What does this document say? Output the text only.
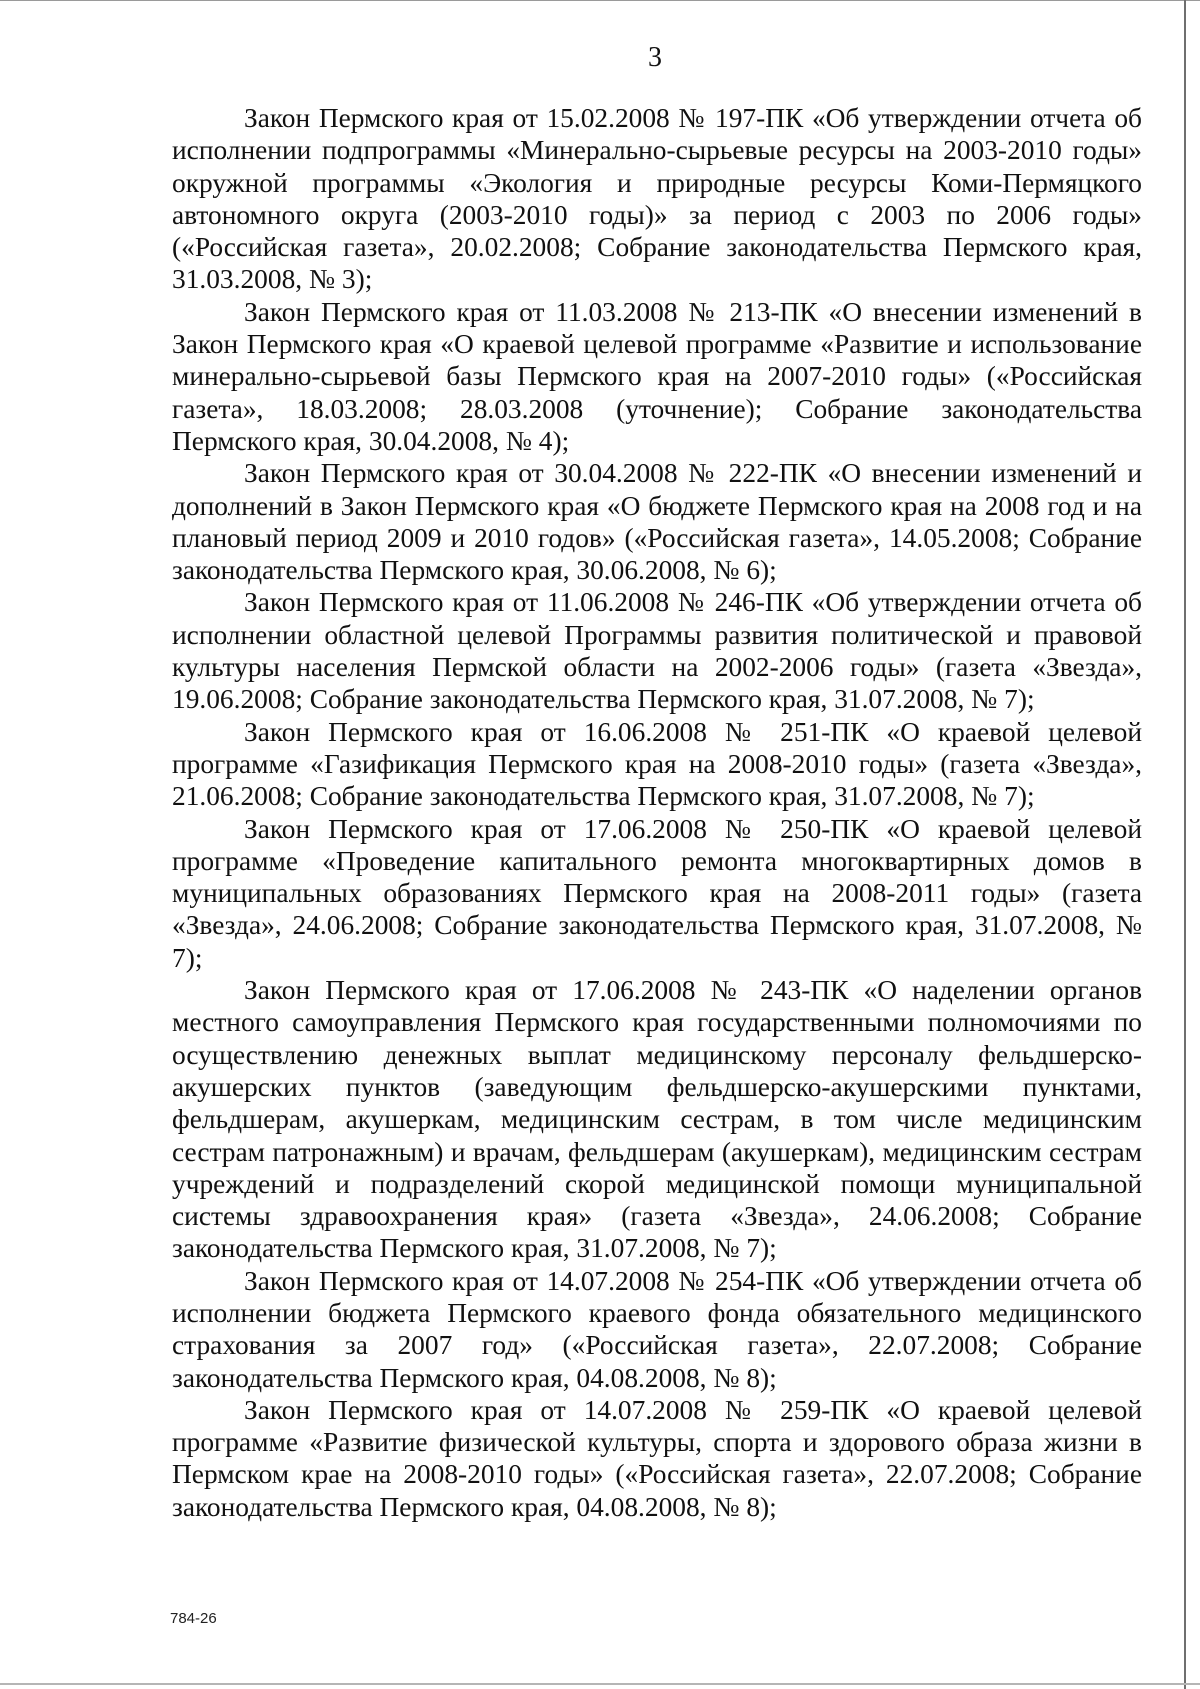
3

Закон Пермского края от 15.02.2008 № 197-ПК «Об утверждении отчета об исполнении подпрограммы «Минерально-сырьевые ресурсы на 2003-2010 годы» окружной программы «Экология и природные ресурсы Коми-Пермяцкого автономного округа (2003-2010 годы)» за период с 2003 по 2006 годы» («Российская газета», 20.02.2008; Собрание законодательства Пермского края, 31.03.2008, № 3);

Закон Пермского края от 11.03.2008 № 213-ПК «О внесении изменений в Закон Пермского края «О краевой целевой программе «Развитие и использование минерально-сырьевой базы Пермского края на 2007-2010 годы» («Российская газета», 18.03.2008; 28.03.2008 (уточнение); Собрание законодательства Пермского края, 30.04.2008, № 4);

Закон Пермского края от 30.04.2008 № 222-ПК «О внесении изменений и дополнений в Закон Пермского края «О бюджете Пермского края на 2008 год и на плановый период 2009 и 2010 годов» («Российская газета», 14.05.2008; Собрание законодательства Пермского края, 30.06.2008, № 6);

Закон Пермского края от 11.06.2008 № 246-ПК «Об утверждении отчета об исполнении областной целевой Программы развития политической и правовой культуры населения Пермской области на 2002-2006 годы» (газета «Звезда», 19.06.2008; Собрание законодательства Пермского края, 31.07.2008, № 7);

Закон Пермского края от 16.06.2008 № 251-ПК «О краевой целевой программе «Газификация Пермского края на 2008-2010 годы» (газета «Звезда», 21.06.2008; Собрание законодательства Пермского края, 31.07.2008, № 7);

Закон Пермского края от 17.06.2008 № 250-ПК «О краевой целевой программе «Проведение капитального ремонта многоквартирных домов в муниципальных образованиях Пермского края на 2008-2011 годы» (газета «Звезда», 24.06.2008; Собрание законодательства Пермского края, 31.07.2008, № 7);

Закон Пермского края от 17.06.2008 № 243-ПК «О наделении органов местного самоуправления Пермского края государственными полномочиями по осуществлению денежных выплат медицинскому персоналу фельдшерско-акушерских пунктов (заведующим фельдшерско-акушерскими пунктами, фельдшерам, акушеркам, медицинским сестрам, в том числе медицинским сестрам патронажным) и врачам, фельдшерам (акушеркам), медицинским сестрам учреждений и подразделений скорой медицинской помощи муниципальной системы здравоохранения края» (газета «Звезда», 24.06.2008; Собрание законодательства Пермского края, 31.07.2008, № 7);

Закон Пермского края от 14.07.2008 № 254-ПК «Об утверждении отчета об исполнении бюджета Пермского краевого фонда обязательного медицинского страхования за 2007 год» («Российская газета», 22.07.2008; Собрание законодательства Пермского края, 04.08.2008, № 8);

Закон Пермского края от 14.07.2008 № 259-ПК «О краевой целевой программе «Развитие физической культуры, спорта и здорового образа жизни в Пермском крае на 2008-2010 годы» («Российская газета», 22.07.2008; Собрание законодательства Пермского края, 04.08.2008, № 8);

784-26
